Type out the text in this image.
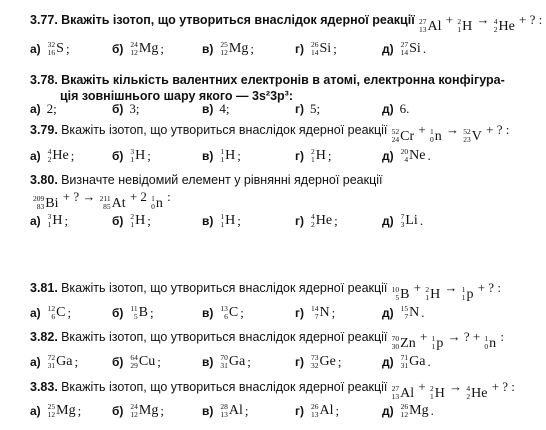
3.77. Вкажіть ізотоп, що утвориться внаслідок ядерної реакції 27
13 Al + 2
1 H → 4
2 He + ? :
3.78. Вкажіть кількість валентних електронів в атомі, електронна конфігура-
ція зовнішнього шару якого — 3s²3p³:
3.79. Вкажіть ізотоп, що утвориться внаслідок ядерної реакції 52
24 Cr + 1
0 n → 52
23 V + ? :
3.80. Визначте невідомий елемент у рівнянні ядерної реакції
209
83 Bi + ? → 211
85 At + 2 1
0 n :
3.81. Вкажіть ізотоп, що утвориться внаслідок ядерної реакції 10
5 B + 2
1 H → 1
1 p + ? :
3.82. Вкажіть ізотоп, що утвориться внаслідок ядерної реакції 70
30 Zn + 1
1 p → ? + 1
0 n :
3.83. Вкажіть ізотоп, що утвориться внаслідок ядерної реакції 27
13 Al + 2
1 H → 4
2 He + ? :
а) 32
16 S ;	б) 24
12 Mg ;	в) 25
12 Mg ;	г) 26
14 Si ;	д) 27
14 Si .
а) 2;	б) 3;	в) 4;	г) 5;	д) 6.
а) 4
2 He ;	б) 3
1 H ;	в) 1
1 H ;	г) 2
1 H ;	д) 20
4 Ne .
а) 3
1 H ;	б) 2
1 H ;	в) 1
1 H ;	г) 4
2 He ;	д) 7
3 Li .
а) 12
6 C ;	б) 11
5 B ;	в) 13
6 C ;	г) 14
7 N ;	д) 15
7 N .
а) 72
31 Ga ;	б) 64
29 Cu ;	в) 70
31 Ga ;	г) 73
32 Ge ;	д) 71
31 Ga .
а) 25
12 Mg ;	б) 24
12 Mg ;	в) 28
13 Al ;	г) 26
13 Al ;	д) 26
12 Mg .
